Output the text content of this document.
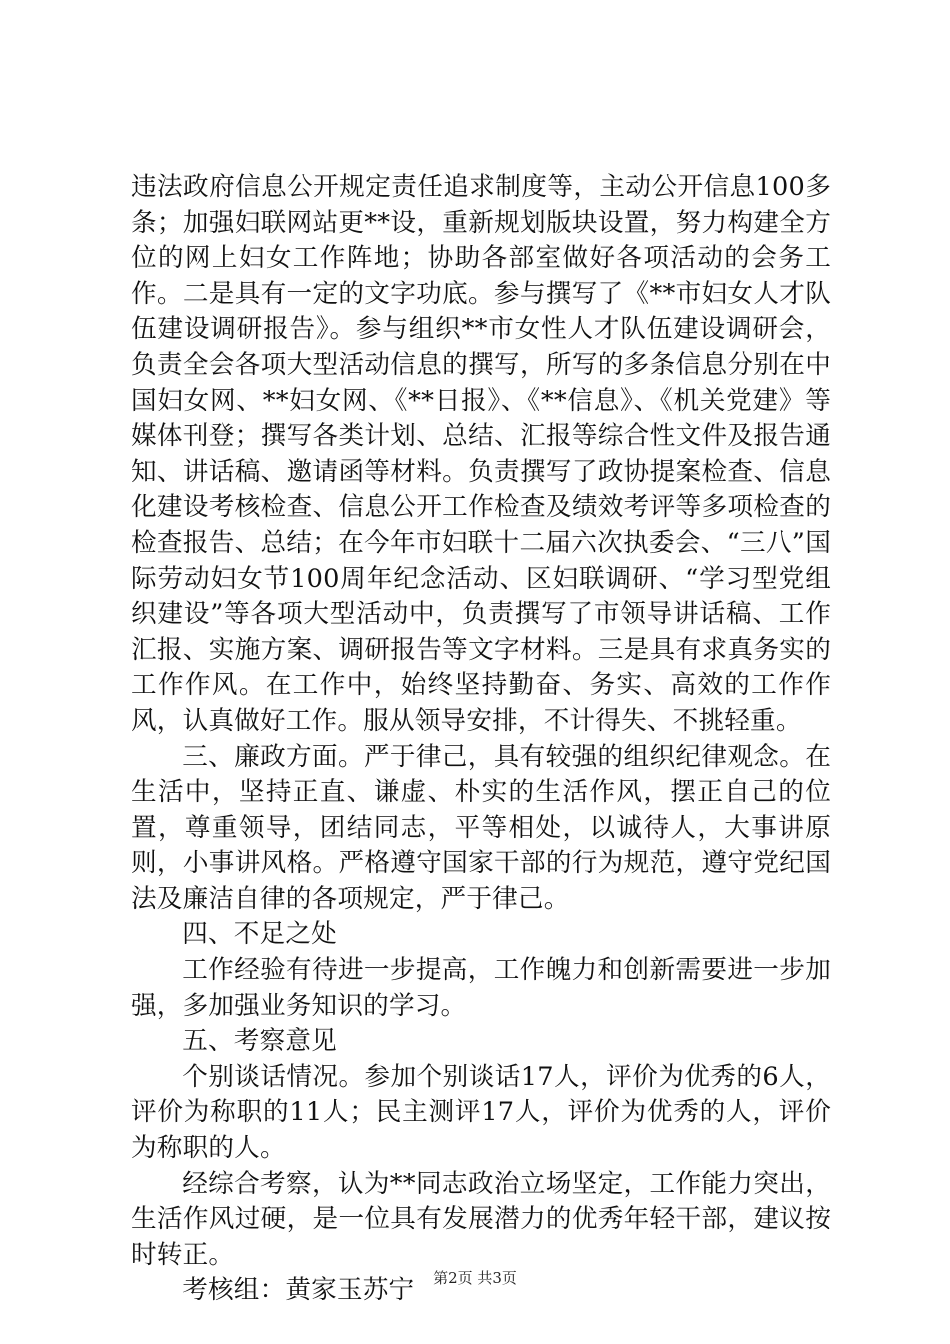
违法政府信息公开规定责任追求制度等，主动公开信息100多条；加强妇联网站更**设，重新规划版块设置，努力构建全方位的网上妇女工作阵地；协助各部室做好各项活动的会务工作。二是具有一定的文字功底。参与撰写了《**市妇女人才队伍建设调研报告》。参与组织**市女性人才队伍建设调研会，负责全会各项大型活动信息的撰写，所写的多条信息分别在中国妇女网、**妇女网、《**日报》、《**信息》、《机关党建》等媒体刊登；撰写各类计划、总结、汇报等综合性文件及报告通知、讲话稿、邀请函等材料。负责撰写了政协提案检查、信息化建设考核检查、信息公开工作检查及绩效考评等多项检查的检查报告、总结；在今年市妇联十二届六次执委会、“三八”国际劳动妇女节100周年纪念活动、区妇联调研、“学习型党组织建设”等各项大型活动中，负责撰写了市领导讲话稿、工作汇报、实施方案、调研报告等文字材料。三是具有求真务实的工作作风。在工作中，始终坚持勤奋、务实、高效的工作作风，认真做好工作。服从领导安排，不计得失、不挑轻重。

三、廉政方面。严于律己，具有较强的组织纪律观念。在生活中，坚持正直、谦虚、朴实的生活作风，摆正自己的位置，尊重领导，团结同志，平等相处，以诚待人，大事讲原则，小事讲风格。严格遵守国家干部的行为规范，遵守党纪国法及廉洁自律的各项规定，严于律己。

四、不足之处

工作经验有待进一步提高，工作魄力和创新需要进一步加强，多加强业务知识的学习。

五、考察意见

个别谈话情况。参加个别谈话17人，评价为优秀的6人，评价为称职的11人；民主测评17人，评价为优秀的人，评价为称职的人。

经综合考察，认为**同志政治立场坚定，工作能力突出，生活作风过硬，是一位具有发展潜力的优秀年轻干部，建议按时转正。

考核组：黄家玉苏宁	第2页 共3页
